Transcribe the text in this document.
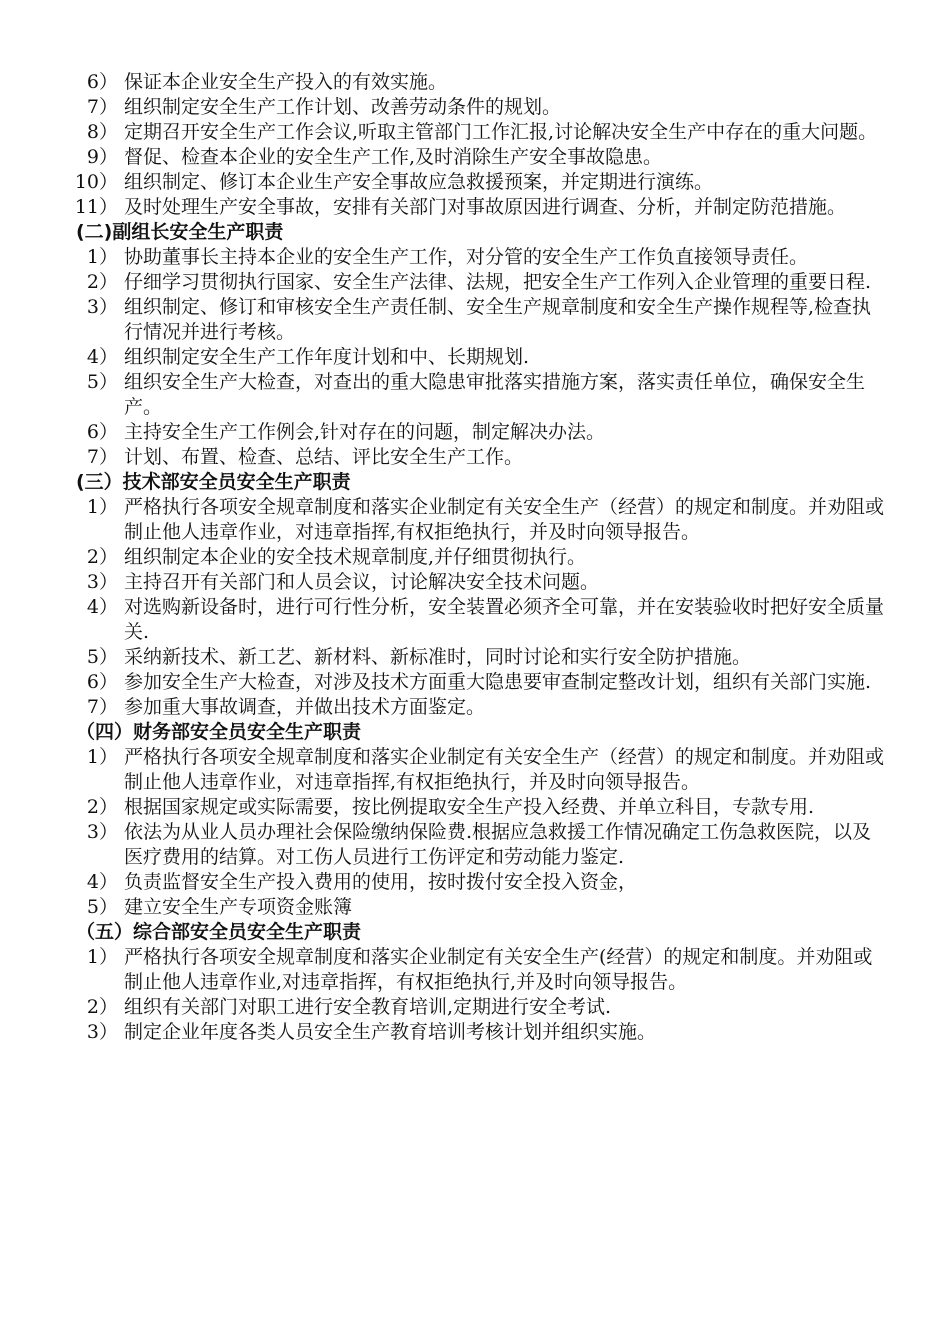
6） 保证本企业安全生产投入的有效实施。
7） 组织制定安全生产工作计划、改善劳动条件的规划。
8） 定期召开安全生产工作会议,听取主管部门工作汇报,讨论解决安全生产中存在的重大问题。
9） 督促、检查本企业的安全生产工作,及时消除生产安全事故隐患。
10） 组织制定、修订本企业生产安全事故应急救援预案，并定期进行演练。
11） 及时处理生产安全事故，安排有关部门对事故原因进行调查、分析，并制定防范措施。
(二)副组长安全生产职责
1） 协助董事长主持本企业的安全生产工作，对分管的安全生产工作负直接领导责任。
2） 仔细学习贯彻执行国家、安全生产法律、法规，把安全生产工作列入企业管理的重要日程.
3） 组织制定、修订和审核安全生产责任制、安全生产规章制度和安全生产操作规程等,检查执行情况并进行考核。
4） 组织制定安全生产工作年度计划和中、长期规划.
5） 组织安全生产大检查，对查出的重大隐患审批落实措施方案，落实责任单位，确保安全生产。
6） 主持安全生产工作例会,针对存在的问题，制定解决办法。
7） 计划、布置、检查、总结、评比安全生产工作。
(三）技术部安全员安全生产职责
1） 严格执行各项安全规章制度和落实企业制定有关安全生产（经营）的规定和制度。并劝阻或制止他人违章作业，对违章指挥,有权拒绝执行，并及时向领导报告。
2） 组织制定本企业的安全技术规章制度,并仔细贯彻执行。
3） 主持召开有关部门和人员会议，讨论解决安全技术问题。
4） 对选购新设备时，进行可行性分析，安全装置必须齐全可靠，并在安装验收时把好安全质量关.
5） 采纳新技术、新工艺、新材料、新标准时，同时讨论和实行安全防护措施。
6） 参加安全生产大检查，对涉及技术方面重大隐患要审查制定整改计划，组织有关部门实施.
7） 参加重大事故调查，并做出技术方面鉴定。
（四）财务部安全员安全生产职责
1） 严格执行各项安全规章制度和落实企业制定有关安全生产（经营）的规定和制度。并劝阻或制止他人违章作业，对违章指挥,有权拒绝执行，并及时向领导报告。
2） 根据国家规定或实际需要，按比例提取安全生产投入经费、并单立科目，专款专用.
3） 依法为从业人员办理社会保险缴纳保险费.根据应急救援工作情况确定工伤急救医院，以及医疗费用的结算。对工伤人员进行工伤评定和劳动能力鉴定.
4） 负责监督安全生产投入费用的使用，按时拨付安全投入资金，
5） 建立安全生产专项资金账簿
（五）综合部安全员安全生产职责
1） 严格执行各项安全规章制度和落实企业制定有关安全生产(经营）的规定和制度。并劝阻或制止他人违章作业,对违章指挥，有权拒绝执行,并及时向领导报告。
2） 组织有关部门对职工进行安全教育培训,定期进行安全考试.
3） 制定企业年度各类人员安全生产教育培训考核计划并组织实施。
